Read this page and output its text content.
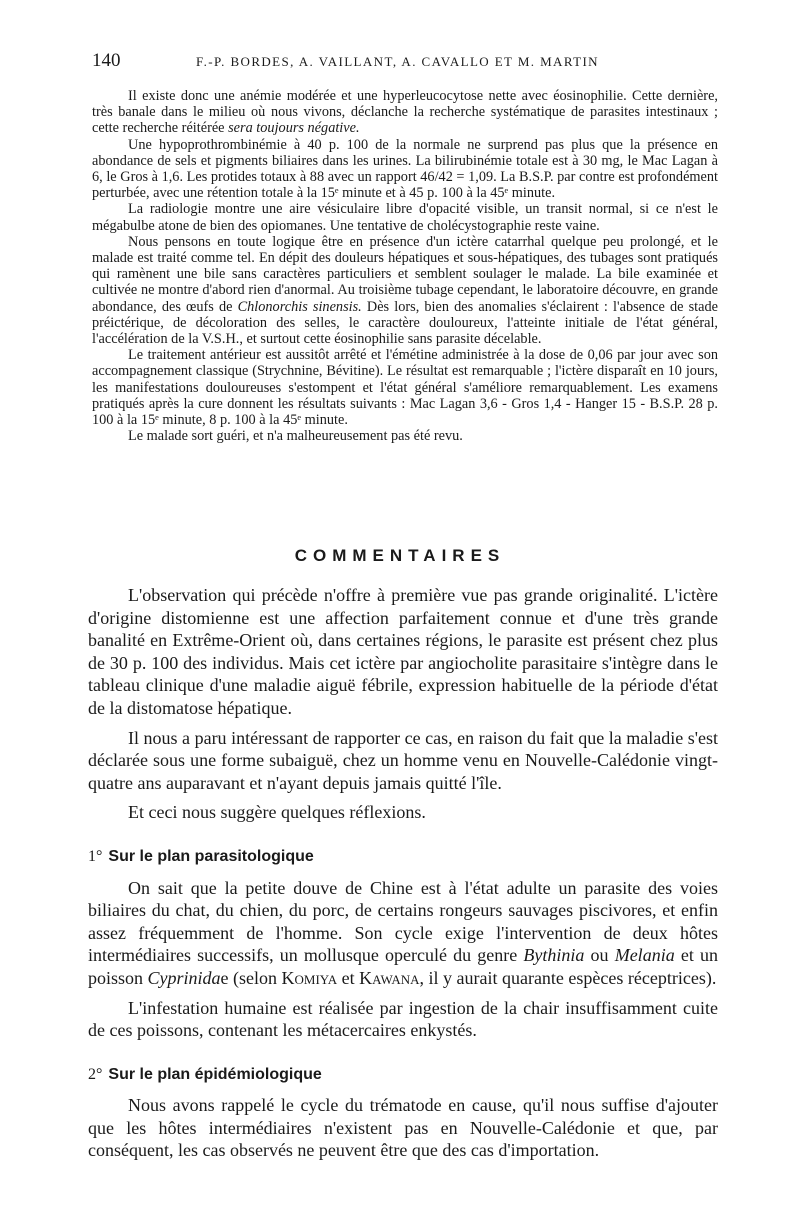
140	F.-P. BORDES, A. VAILLANT, A. CAVALLO ET M. MARTIN

Il existe donc une anémie modérée et une hyperleucocytose nette avec éosinophilie. Cette dernière, très banale dans le milieu où nous vivons, déclanche la recherche systématique de parasites intestinaux ; cette recherche réitérée sera toujours négative.

Une hypoprothrombinémie à 40 p. 100 de la normale ne surprend pas plus que la présence en abondance de sels et pigments biliaires dans les urines. La bilirubinémie totale est à 30 mg, le Mac Lagan à 6, le Gros à 1,6. Les protides totaux à 88 avec un rapport 46/42 = 1,09. La B.S.P. par contre est profondément perturbée, avec une rétention totale à la 15ᵉ minute et à 45 p. 100 à la 45ᵉ minute.

La radiologie montre une aire vésiculaire libre d'opacité visible, un transit normal, si ce n'est le mégabulbe atone de bien des opiomanes. Une tentative de cholécystographie reste vaine.

Nous pensons en toute logique être en présence d'un ictère catarrhal quelque peu prolongé, et le malade est traité comme tel. En dépit des douleurs hépatiques et sous-hépatiques, des tubages sont pratiqués qui ramènent une bile sans caractères particuliers et semblent soulager le malade. La bile examinée et cultivée ne montre d'abord rien d'anormal. Au troisième tubage cependant, le laboratoire découvre, en grande abondance, des œufs de Chlonorchis sinensis. Dès lors, bien des anomalies s'éclairent : l'absence de stade préictérique, de décoloration des selles, le caractère douloureux, l'atteinte initiale de l'état général, l'accélération de la V.S.H., et surtout cette éosinophilie sans parasite décelable.

Le traitement antérieur est aussitôt arrêté et l'émétine administrée à la dose de 0,06 par jour avec son accompagnement classique (Strychnine, Bévitine). Le résultat est remarquable ; l'ictère disparaît en 10 jours, les manifestations douloureuses s'estompent et l'état général s'améliore remarquablement. Les examens pratiqués après la cure donnent les résultats suivants : Mac Lagan 3,6 - Gros 1,4 - Hanger 15 - B.S.P. 28 p. 100 à la 15ᵉ minute, 8 p. 100 à la 45ᵉ minute.

Le malade sort guéri, et n'a malheureusement pas été revu.

COMMENTAIRES

L'observation qui précède n'offre à première vue pas grande originalité. L'ictère d'origine distomienne est une affection parfaitement connue et d'une très grande banalité en Extrême-Orient où, dans certaines régions, le parasite est présent chez plus de 30 p. 100 des individus. Mais cet ictère par angiocholite parasitaire s'intègre dans le tableau clinique d'une maladie aiguë fébrile, expression habituelle de la période d'état de la distomatose hépatique.

Il nous a paru intéressant de rapporter ce cas, en raison du fait que la maladie s'est déclarée sous une forme subaiguë, chez un homme venu en Nouvelle-Calédonie vingt-quatre ans auparavant et n'ayant depuis jamais quitté l'île.

Et ceci nous suggère quelques réflexions.

1° Sur le plan parasitologique

On sait que la petite douve de Chine est à l'état adulte un parasite des voies biliaires du chat, du chien, du porc, de certains rongeurs sauvages piscivores, et enfin assez fréquemment de l'homme. Son cycle exige l'intervention de deux hôtes intermédiaires successifs, un mollusque operculé du genre Bythinia ou Melania et un poisson Cyprinidae (selon Komiya et Kawana, il y aurait quarante espèces réceptrices).

L'infestation humaine est réalisée par ingestion de la chair insuffisamment cuite de ces poissons, contenant les métacercaires enkystés.

2° Sur le plan épidémiologique

Nous avons rappelé le cycle du trématode en cause, qu'il nous suffise d'ajouter que les hôtes intermédiaires n'existent pas en Nouvelle-Calédonie et que, par conséquent, les cas observés ne peuvent être que des cas d'importation.
